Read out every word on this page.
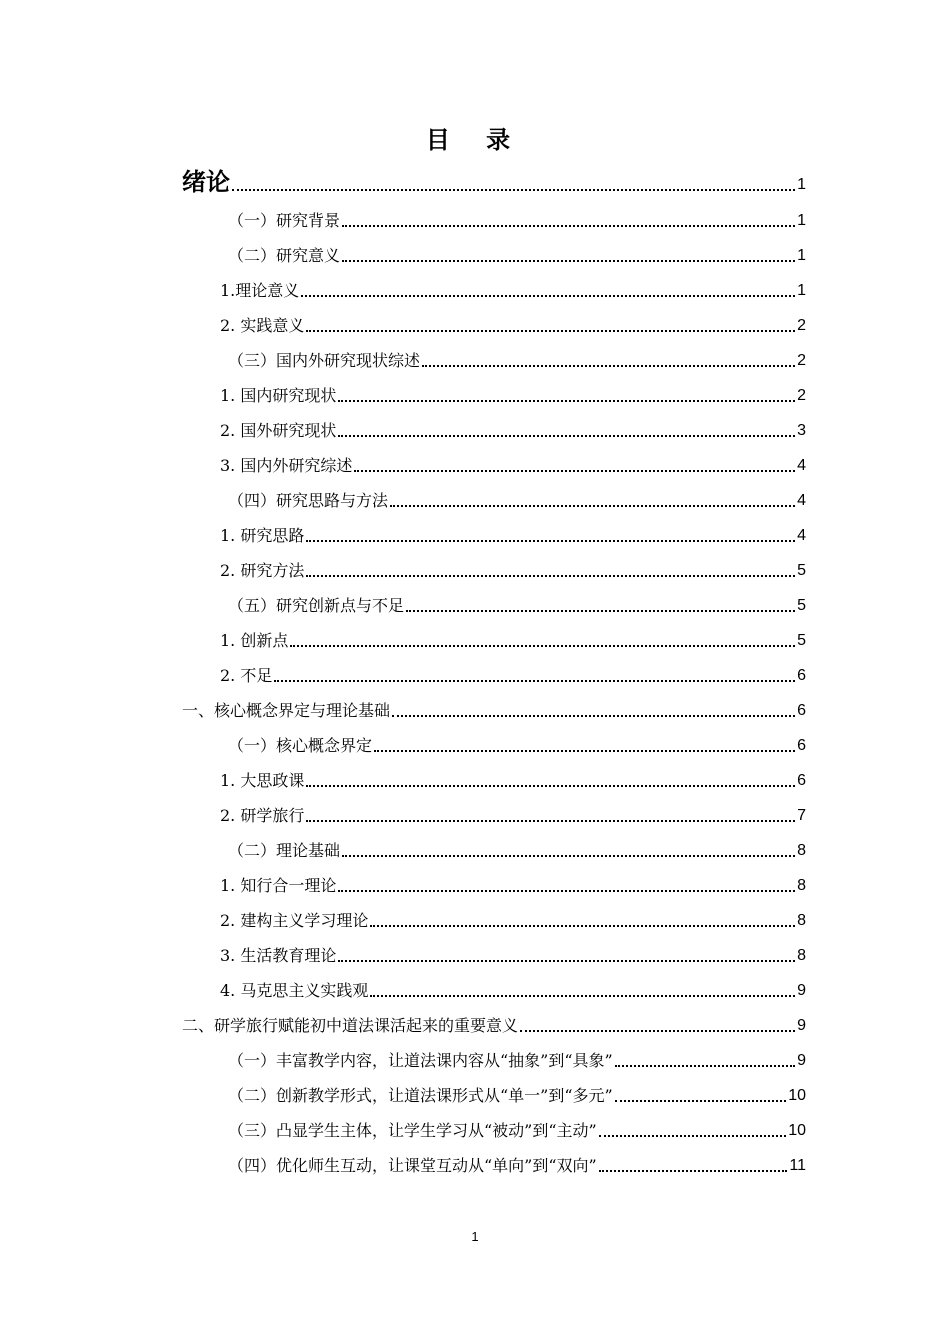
目 录
绪论	1
（一）研究背景	1
（二）研究意义	1
1.理论意义	1
2. 实践意义	2
（三）国内外研究现状综述	2
1. 国内研究现状	2
2. 国外研究现状	3
3. 国内外研究综述	4
（四）研究思路与方法	4
1. 研究思路	4
2. 研究方法	5
（五）研究创新点与不足	5
1. 创新点	5
2. 不足	6
一、核心概念界定与理论基础	6
（一）核心概念界定	6
1. 大思政课	6
2. 研学旅行	7
（二）理论基础	8
1. 知行合一理论	8
2. 建构主义学习理论	8
3. 生活教育理论	8
4. 马克思主义实践观	9
二、研学旅行赋能初中道法课活起来的重要意义	9
（一）丰富教学内容，让道法课内容从“抽象”到“具象”	9
（二）创新教学形式，让道法课形式从“单一”到“多元”	10
（三）凸显学生主体，让学生学习从“被动”到“主动”	10
（四）优化师生互动，让课堂互动从“单向”到“双向”	11
1
